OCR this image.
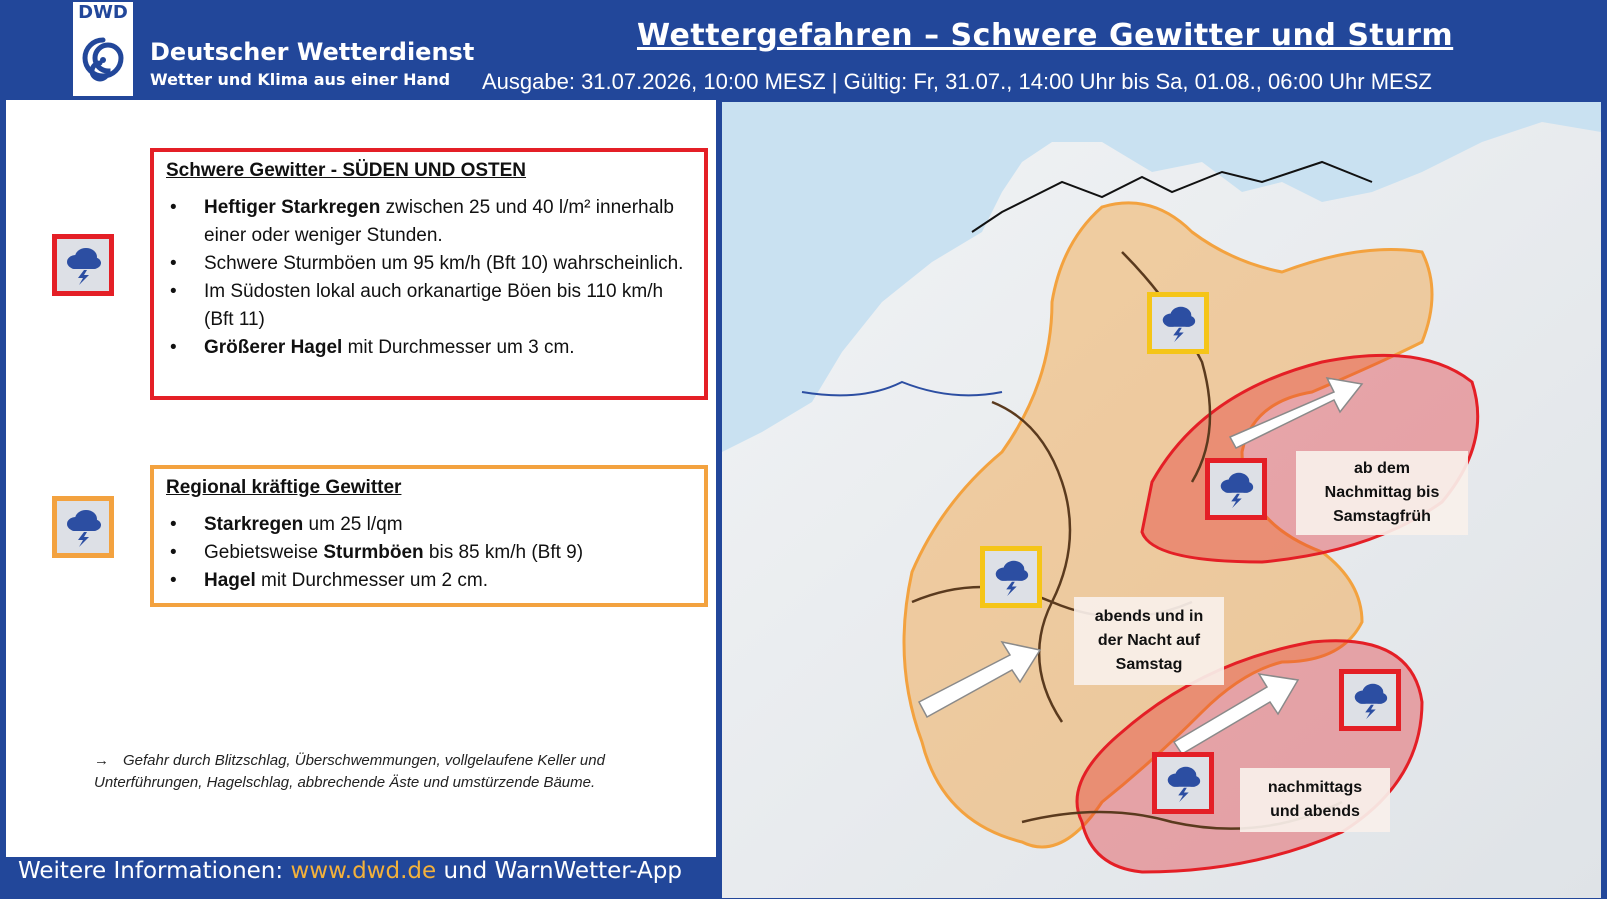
DWD
Deutscher Wetterdienst
Wetter und Klima aus einer Hand
Wettergefahren – Schwere Gewitter und Sturm
Ausgabe: 31.07.2026, 10:00 MESZ | Gültig: Fr, 31.07., 14:00 Uhr bis Sa, 01.08., 06:00 Uhr MESZ
Schwere Gewitter - SÜDEN UND OSTEN
• Heftiger Starkregen zwischen 25 und 40 l/m² innerhalb einer oder weniger Stunden.
• Schwere Sturmböen um 95 km/h (Bft 10) wahrscheinlich.
• Im Südosten lokal auch orkanartige Böen bis 110 km/h (Bft 11)
• Größerer Hagel mit Durchmesser um 3 cm.
Regional kräftige Gewitter
• Starkregen um 25 l/qm
• Gebietsweise Sturmböen bis 85 km/h (Bft 9)
• Hagel mit Durchmesser um 2 cm.
→ Gefahr durch Blitzschlag, Überschwemmungen, vollgelaufene Keller und Unterführungen, Hagelschlag, abbrechende Äste und umstürzende Bäume.
Weitere Informationen: www.dwd.de und WarnWetter-App
ab dem
Nachmittag bis
Samstagfrüh
abends und in
der Nacht auf
Samstag
nachmittags
und abends
